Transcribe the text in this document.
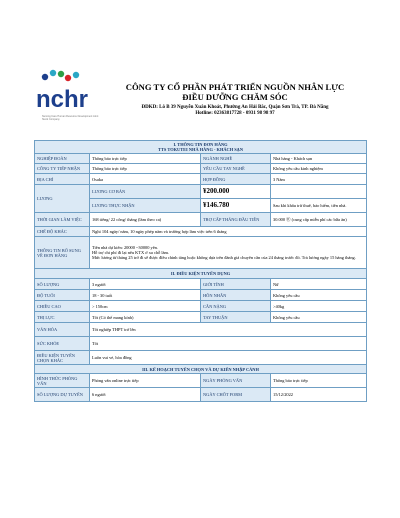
nchr
Nursing Care Human Resource Development Joint Stock Company
CÔNG TY CỔ PHẦN PHÁT TRIỂN NGUỒN NHÂN LỰC
ĐIỀU DƯỠNG CHĂM SÓC
ĐDKD: Lô B 39 Nguyễn Xuân Khoát, Phường An Hải Bắc, Quận Sơn Trà, TP. Đà Nẵng
Hotline: 02363817728 - 0931 98 98 97
I. THÔNG TIN ĐƠN HÀNG
TTS TOKUTEI NHÀ HÀNG - KHÁCH SẠN			

NGHIỆP ĐOÀN	Thông báo trực tiếp	NGÀNH NGHỀ	Nhà hàng - Khách sạn
CÔNG TY TIẾP NHẬN	Thông báo trực tiếp	YÊU CẦU TAY NGHỀ	Không yêu cầu kinh nghiệm
ĐỊA CHỈ	Osaka	HỢP ĐỒNG	3 Năm
LƯƠNG	LƯƠNG CƠ BẢN	¥200.000	
	LƯƠNG THỰC NHẬN	¥146.780	Sau khi khấu trừ thuế, bảo hiểm, tiền nhà.
THỜI GIAN LÀM VIỆC	168 tiếng/ 22 công/ tháng (làm theo ca)	TRỢ CẤP THÁNG ĐẦU TIÊN	30.000 Ⓡ (cung cấp miễn phí các bữa ăn)
CHẾ ĐỘ KHÁC	Nghỉ 104 ngày/ năm, 10 ngày phép năm và trường hợp làm việc trên 6 tháng		
THÔNG TIN BỔ SUNG VỀ ĐƠN HÀNG	Tiền nhà dự kiến: 20000 ~30000 yên.
Hỗ trợ chi phí đi lại nếu KTX ở xa chỗ làm.
Mức lương từ tháng 25 trở đi sẽ được điều chỉnh tăng hoặc không dựa trên đánh giá chuyên cần của 24 tháng trước đó. Trả lương ngày 15 hàng tháng.		
II. ĐIỀU KIỆN TUYỂN DỤNG			
SỐ LƯỢNG	3 người	GIỚI TÍNH	Nữ
ĐỘ TUỔI	18 - 30 tuổi	HÔN NHÂN	Không yêu cầu
CHIỀU CAO	> 150cm	CÂN NẶNG	>40kg
THỊ LỰC	Tốt (Có thể mang kính)	TAY THUẬN	Không yêu cầu
VĂN HÓA	Tốt nghiệp THPT trở lên		
SỨC KHỎE	Tốt		
ĐIỀU KIỆN TUYỂN CHỌN KHÁC	Luôn vui vẻ, hòa đồng		
III. KẾ HOẠCH TUYỂN CHỌN VÀ DỰ KIẾN NHẬP CẢNH			
HÌNH THỨC PHỎNG VẤN	Phỏng vấn online trực tiếp	NGÀY PHỎNG VẤN	Thông báo trực tiếp
SỐ LƯỢNG DỰ TUYỂN	6 người	NGÀY CHỐT FORM	15/12/2022
